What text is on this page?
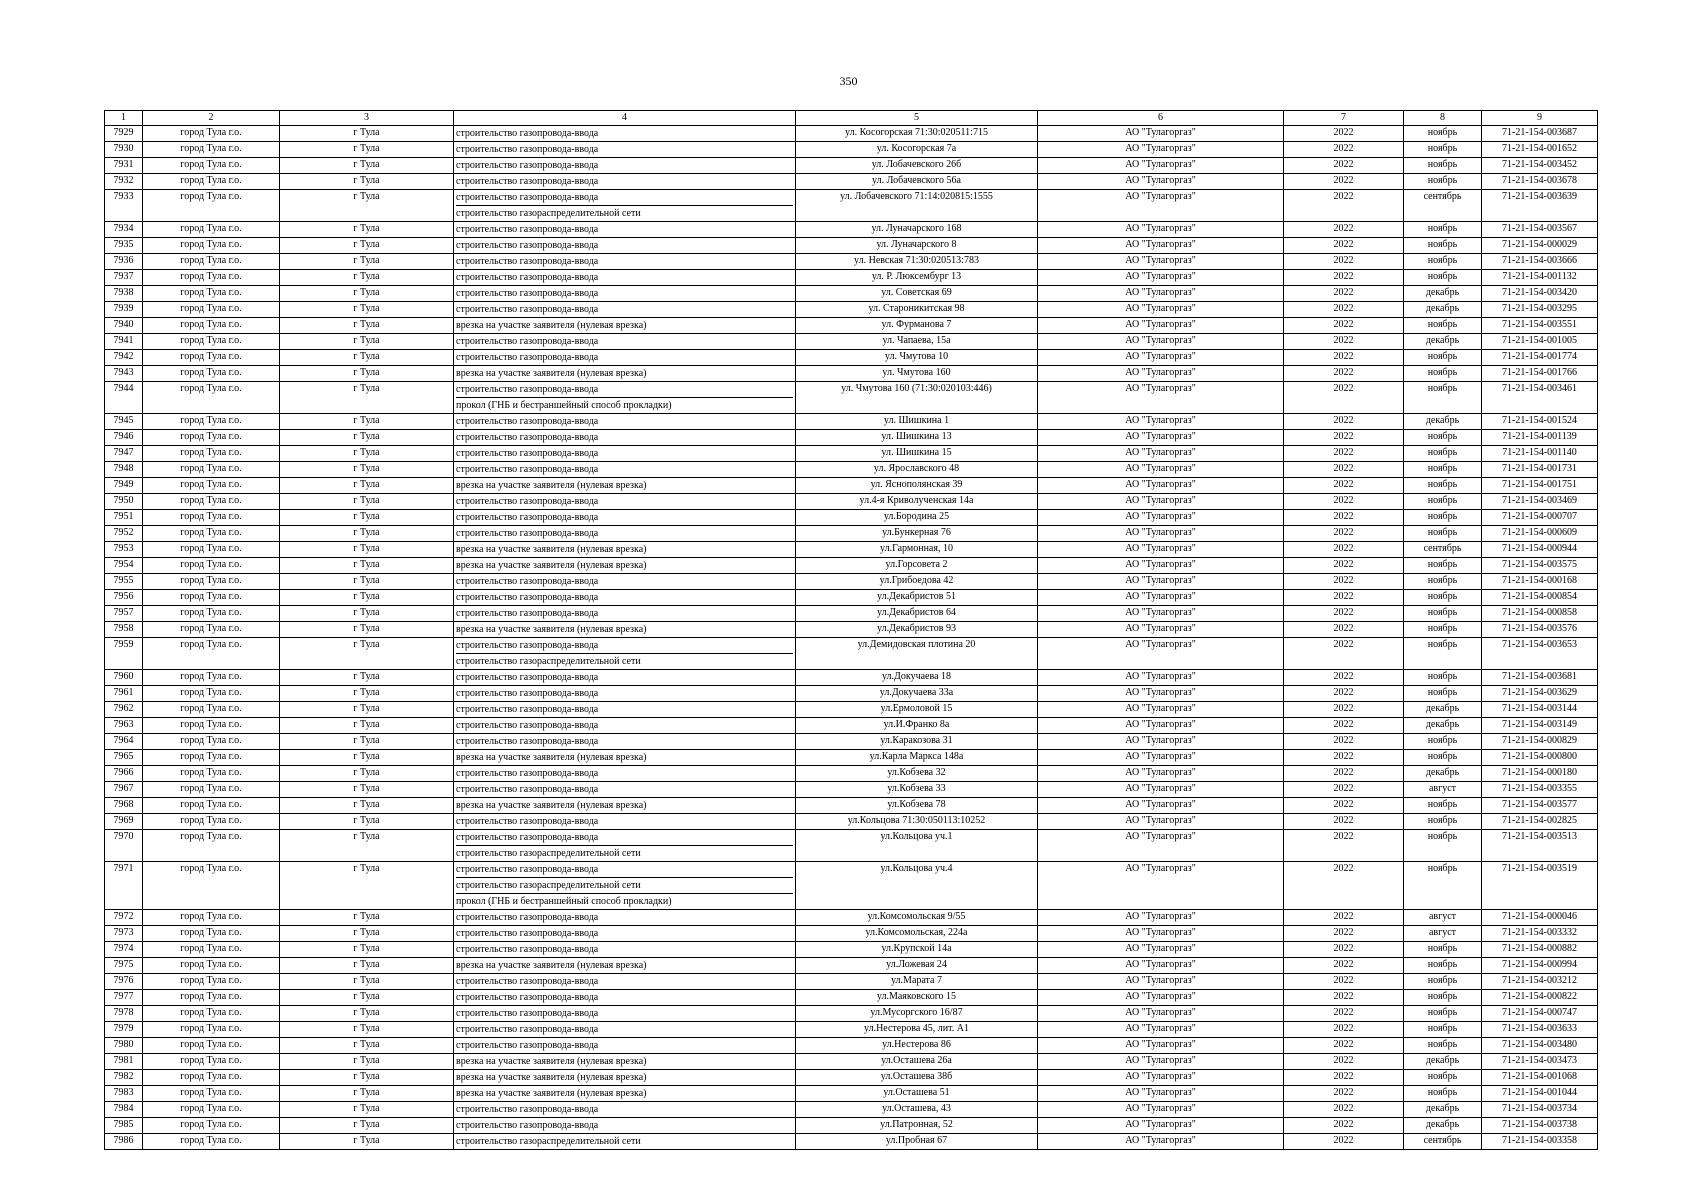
350
1	2	3	4	5	6	7	8	9
7929	город Тула г.о.	г Тула	строительство газопровода-ввода	ул. Косогорская 71:30:020511:715	АО "Тулагоргаз"	2022	ноябрь	71-21-154-003687
7930	город Тула г.о.	г Тула	строительство газопровода-ввода	ул. Косогорская 7а	АО "Тулагоргаз"	2022	ноябрь	71-21-154-001652
7931	город Тула г.о.	г Тула	строительство газопровода-ввода	ул. Лобачевского 26б	АО "Тулагоргаз"	2022	ноябрь	71-21-154-003452
7932	город Тула г.о.	г Тула	строительство газопровода-ввода	ул. Лобачевского 56а	АО "Тулагоргаз"	2022	ноябрь	71-21-154-003678
7933	город Тула г.о.	г Тула	строительство газопровода-ввода
строительство газораспределительной сети	ул. Лобачевского 71:14:020815:1555	АО "Тулагоргаз"	2022	сентябрь	71-21-154-003639
7934	город Тула г.о.	г Тула	строительство газопровода-ввода	ул. Луначарского 168	АО "Тулагоргаз"	2022	ноябрь	71-21-154-003567
7935	город Тула г.о.	г Тула	строительство газопровода-ввода	ул. Луначарского 8	АО "Тулагоргаз"	2022	ноябрь	71-21-154-000029
7936	город Тула г.о.	г Тула	строительство газопровода-ввода	ул. Невская 71:30:020513:783	АО "Тулагоргаз"	2022	ноябрь	71-21-154-003666
7937	город Тула г.о.	г Тула	строительство газопровода-ввода	ул. Р. Люксембург 13	АО "Тулагоргаз"	2022	ноябрь	71-21-154-001132
7938	город Тула г.о.	г Тула	строительство газопровода-ввода	ул. Советская 69	АО "Тулагоргаз"	2022	декабрь	71-21-154-003420
7939	город Тула г.о.	г Тула	строительство газопровода-ввода	ул. Староникитская 98	АО "Тулагоргаз"	2022	декабрь	71-21-154-003295
7940	город Тула г.о.	г Тула	врезка на участке заявителя (нулевая врезка)	ул. Фурманова 7	АО "Тулагоргаз"	2022	ноябрь	71-21-154-003551
7941	город Тула г.о.	г Тула	строительство газопровода-ввода	ул. Чапаева, 15а	АО "Тулагоргаз"	2022	декабрь	71-21-154-001005
7942	город Тула г.о.	г Тула	строительство газопровода-ввода	ул. Чмутова 10	АО "Тулагоргаз"	2022	ноябрь	71-21-154-001774
7943	город Тула г.о.	г Тула	врезка на участке заявителя (нулевая врезка)	ул. Чмутова 160	АО "Тулагоргаз"	2022	ноябрь	71-21-154-001766
7944	город Тула г.о.	г Тула	строительство газопровода-ввода
прокол (ГНБ и бестраншейный способ прокладки)	ул. Чмутова 160 (71:30:020103:446)	АО "Тулагоргаз"	2022	ноябрь	71-21-154-003461
7945	город Тула г.о.	г Тула	строительство газопровода-ввода	ул. Шишкина 1	АО "Тулагоргаз"	2022	декабрь	71-21-154-001524
7946	город Тула г.о.	г Тула	строительство газопровода-ввода	ул. Шишкина 13	АО "Тулагоргаз"	2022	ноябрь	71-21-154-001139
7947	город Тула г.о.	г Тула	строительство газопровода-ввода	ул. Шишкина 15	АО "Тулагоргаз"	2022	ноябрь	71-21-154-001140
7948	город Тула г.о.	г Тула	строительство газопровода-ввода	ул. Ярославского 48	АО "Тулагоргаз"	2022	ноябрь	71-21-154-001731
7949	город Тула г.о.	г Тула	врезка на участке заявителя (нулевая врезка)	ул. Яснополянская 39	АО "Тулагоргаз"	2022	ноябрь	71-21-154-001751
7950	город Тула г.о.	г Тула	строительство газопровода-ввода	ул.4-я Криволученская 14а	АО "Тулагоргаз"	2022	ноябрь	71-21-154-003469
7951	город Тула г.о.	г Тула	строительство газопровода-ввода	ул.Бородина 25	АО "Тулагоргаз"	2022	ноябрь	71-21-154-000707
7952	город Тула г.о.	г Тула	строительство газопровода-ввода	ул.Бункерная 76	АО "Тулагоргаз"	2022	ноябрь	71-21-154-000609
7953	город Тула г.о.	г Тула	врезка на участке заявителя (нулевая врезка)	ул.Гармонная, 10	АО "Тулагоргаз"	2022	сентябрь	71-21-154-000944
7954	город Тула г.о.	г Тула	врезка на участке заявителя (нулевая врезка)	ул.Горсовета 2	АО "Тулагоргаз"	2022	ноябрь	71-21-154-003575
7955	город Тула г.о.	г Тула	строительство газопровода-ввода	ул.Грибоедова 42	АО "Тулагоргаз"	2022	ноябрь	71-21-154-000168
7956	город Тула г.о.	г Тула	строительство газопровода-ввода	ул.Декабристов 51	АО "Тулагоргаз"	2022	ноябрь	71-21-154-000854
7957	город Тула г.о.	г Тула	строительство газопровода-ввода	ул.Декабристов 64	АО "Тулагоргаз"	2022	ноябрь	71-21-154-000858
7958	город Тула г.о.	г Тула	врезка на участке заявителя (нулевая врезка)	ул.Декабристов 93	АО "Тулагоргаз"	2022	ноябрь	71-21-154-003576
7959	город Тула г.о.	г Тула	строительство газопровода-ввода
строительство газораспределительной сети	ул.Демидовская плотина 20	АО "Тулагоргаз"	2022	ноябрь	71-21-154-003653
7960	город Тула г.о.	г Тула	строительство газопровода-ввода	ул.Докучаева 18	АО "Тулагоргаз"	2022	ноябрь	71-21-154-003681
7961	город Тула г.о.	г Тула	строительство газопровода-ввода	ул.Докучаева 33а	АО "Тулагоргаз"	2022	ноябрь	71-21-154-003629
7962	город Тула г.о.	г Тула	строительство газопровода-ввода	ул.Ермоловой 15	АО "Тулагоргаз"	2022	декабрь	71-21-154-003144
7963	город Тула г.о.	г Тула	строительство газопровода-ввода	ул.И.Франко 8а	АО "Тулагоргаз"	2022	декабрь	71-21-154-003149
7964	город Тула г.о.	г Тула	строительство газопровода-ввода	ул.Каракозова 31	АО "Тулагоргаз"	2022	ноябрь	71-21-154-000829
7965	город Тула г.о.	г Тула	врезка на участке заявителя (нулевая врезка)	ул.Карла Маркса 148а	АО "Тулагоргаз"	2022	ноябрь	71-21-154-000800
7966	город Тула г.о.	г Тула	строительство газопровода-ввода	ул.Кобзева 32	АО "Тулагоргаз"	2022	декабрь	71-21-154-000180
7967	город Тула г.о.	г Тула	строительство газопровода-ввода	ул.Кобзева 33	АО "Тулагоргаз"	2022	август	71-21-154-003355
7968	город Тула г.о.	г Тула	врезка на участке заявителя (нулевая врезка)	ул.Кобзева 78	АО "Тулагоргаз"	2022	ноябрь	71-21-154-003577
7969	город Тула г.о.	г Тула	строительство газопровода-ввода	ул.Кольцова 71:30:050113:10252	АО "Тулагоргаз"	2022	ноябрь	71-21-154-002825
7970	город Тула г.о.	г Тула	строительство газопровода-ввода
строительство газораспределительной сети	ул.Кольцова уч.1	АО "Тулагоргаз"	2022	ноябрь	71-21-154-003513
7971	город Тула г.о.	г Тула	строительство газопровода-ввода
строительство газораспределительной сети
прокол (ГНБ и бестраншейный способ прокладки)	ул.Кольцова уч.4	АО "Тулагоргаз"	2022	ноябрь	71-21-154-003519
7972	город Тула г.о.	г Тула	строительство газопровода-ввода	ул.Комсомольская 9/55	АО "Тулагоргаз"	2022	август	71-21-154-000046
7973	город Тула г.о.	г Тула	строительство газопровода-ввода	ул.Комсомольская, 224а	АО "Тулагоргаз"	2022	август	71-21-154-003332
7974	город Тула г.о.	г Тула	строительство газопровода-ввода	ул.Крупской 14а	АО "Тулагоргаз"	2022	ноябрь	71-21-154-000882
7975	город Тула г.о.	г Тула	врезка на участке заявителя (нулевая врезка)	ул.Ложевая 24	АО "Тулагоргаз"	2022	ноябрь	71-21-154-000994
7976	город Тула г.о.	г Тула	строительство газопровода-ввода	ул.Марата 7	АО "Тулагоргаз"	2022	ноябрь	71-21-154-003212
7977	город Тула г.о.	г Тула	строительство газопровода-ввода	ул.Маяковского 15	АО "Тулагоргаз"	2022	ноябрь	71-21-154-000822
7978	город Тула г.о.	г Тула	строительство газопровода-ввода	ул.Мусоргского 16/87	АО "Тулагоргаз"	2022	ноябрь	71-21-154-000747
7979	город Тула г.о.	г Тула	строительство газопровода-ввода	ул.Нестерова 45, лит. А1	АО "Тулагоргаз"	2022	ноябрь	71-21-154-003633
7980	город Тула г.о.	г Тула	строительство газопровода-ввода	ул.Нестерова 86	АО "Тулагоргаз"	2022	ноябрь	71-21-154-003480
7981	город Тула г.о.	г Тула	врезка на участке заявителя (нулевая врезка)	ул.Осташева 26а	АО "Тулагоргаз"	2022	декабрь	71-21-154-003473
7982	город Тула г.о.	г Тула	врезка на участке заявителя (нулевая врезка)	ул.Осташева 38б	АО "Тулагоргаз"	2022	ноябрь	71-21-154-001068
7983	город Тула г.о.	г Тула	врезка на участке заявителя (нулевая врезка)	ул.Осташева 51	АО "Тулагоргаз"	2022	ноябрь	71-21-154-001044
7984	город Тула г.о.	г Тула	строительство газопровода-ввода	ул.Осташева, 43	АО "Тулагоргаз"	2022	декабрь	71-21-154-003734
7985	город Тула г.о.	г Тула	строительство газопровода-ввода	ул.Патронная, 52	АО "Тулагоргаз"	2022	декабрь	71-21-154-003738
7986	город Тула г.о.	г Тула	строительство газораспределительной сети	ул.Пробная 67	АО "Тулагоргаз"	2022	сентябрь	71-21-154-003358
